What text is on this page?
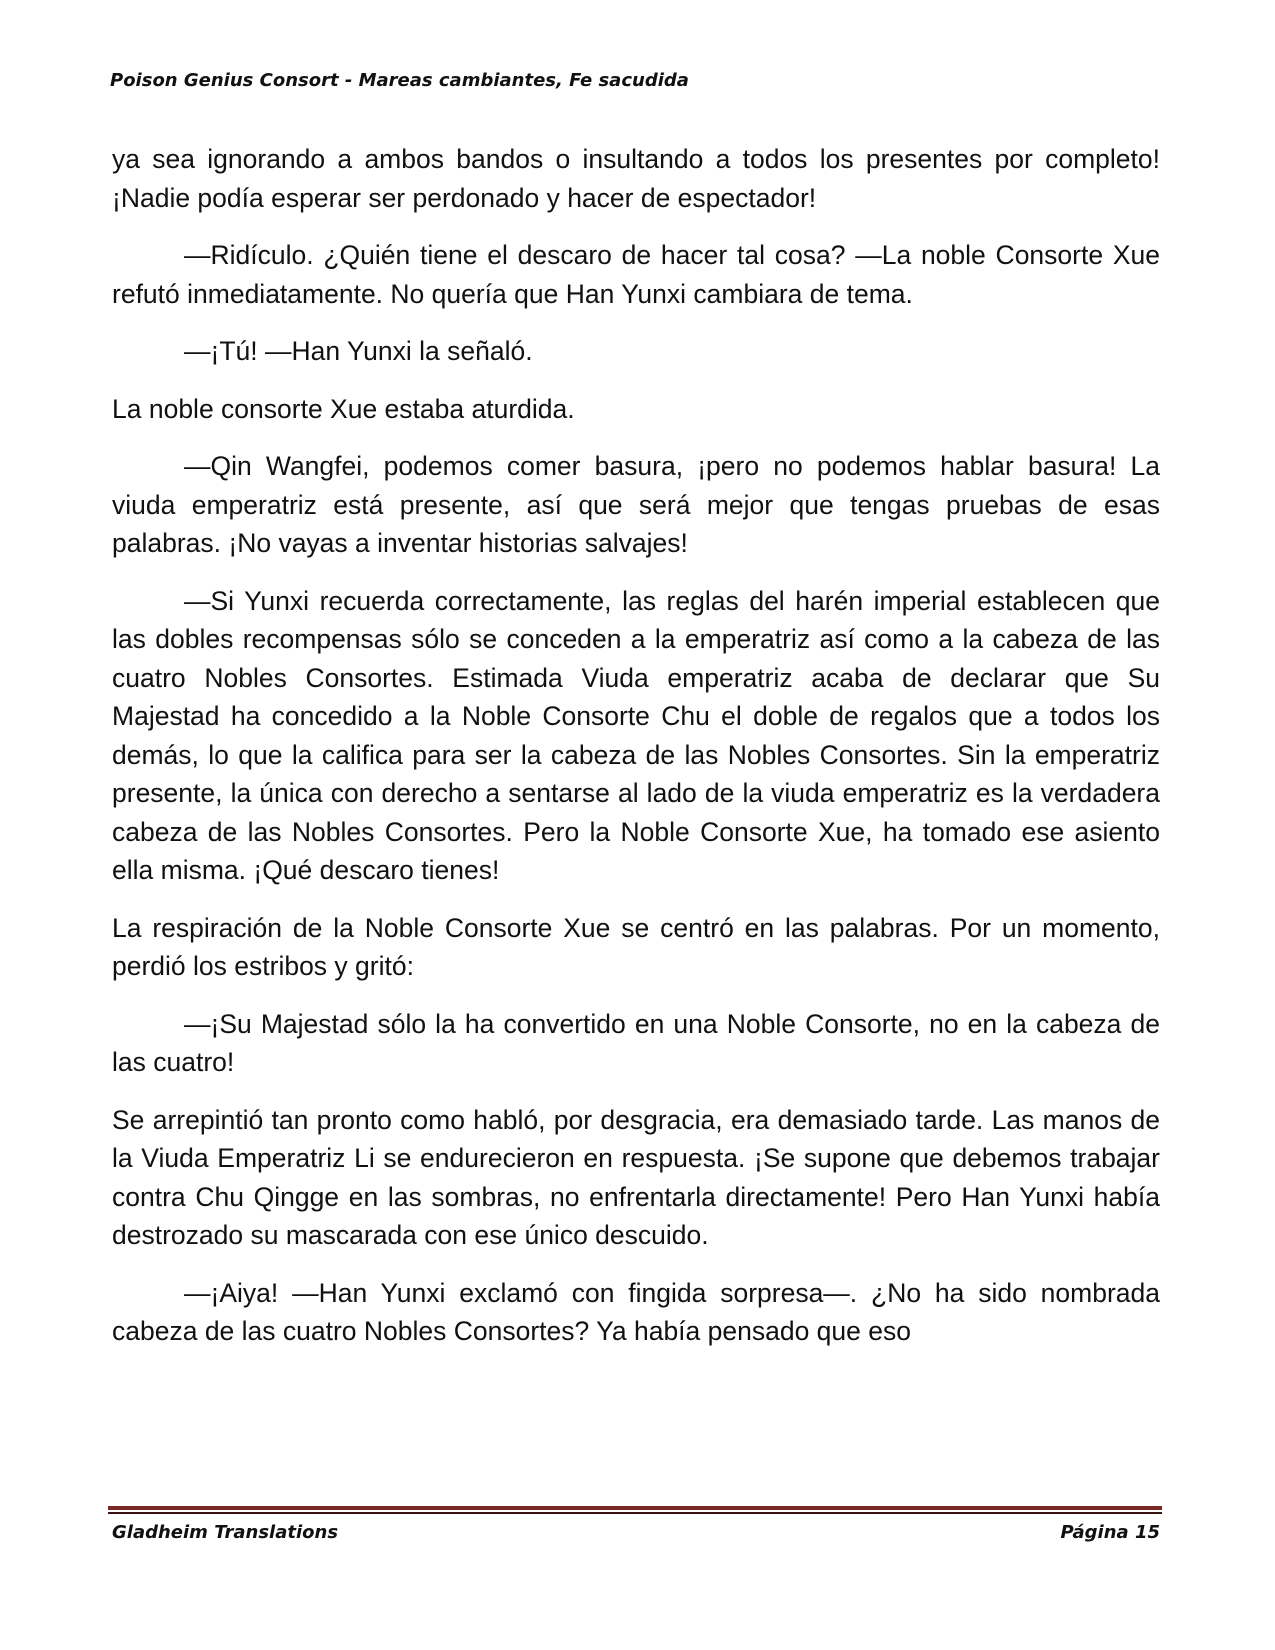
Poison Genius Consort - Mareas cambiantes, Fe sacudida

ya sea ignorando a ambos bandos o insultando a todos los presentes por completo! ¡Nadie podía esperar ser perdonado y hacer de espectador!

—Ridículo. ¿Quién tiene el descaro de hacer tal cosa? —La noble Consorte Xue refutó inmediatamente. No quería que Han Yunxi cambiara de tema.

—¡Tú! —Han Yunxi la señaló.

La noble consorte Xue estaba aturdida.

—Qin Wangfei, podemos comer basura, ¡pero no podemos hablar basura! La viuda emperatriz está presente, así que será mejor que tengas pruebas de esas palabras. ¡No vayas a inventar historias salvajes!

—Si Yunxi recuerda correctamente, las reglas del harén imperial establecen que las dobles recompensas sólo se conceden a la emperatriz así como a la cabeza de las cuatro Nobles Consortes. Estimada Viuda emperatriz acaba de declarar que Su Majestad ha concedido a la Noble Consorte Chu el doble de regalos que a todos los demás, lo que la califica para ser la cabeza de las Nobles Consortes. Sin la emperatriz presente, la única con derecho a sentarse al lado de la viuda emperatriz es la verdadera cabeza de las Nobles Consortes. Pero la Noble Consorte Xue, ha tomado ese asiento ella misma. ¡Qué descaro tienes!

La respiración de la Noble Consorte Xue se centró en las palabras. Por un momento, perdió los estribos y gritó:

—¡Su Majestad sólo la ha convertido en una Noble Consorte, no en la cabeza de las cuatro!

Se arrepintió tan pronto como habló, por desgracia, era demasiado tarde. Las manos de la Viuda Emperatriz Li se endurecieron en respuesta. ¡Se supone que debemos trabajar contra Chu Qingge en las sombras, no enfrentarla directamente! Pero Han Yunxi había destrozado su mascarada con ese único descuido.

—¡Aiya! —Han Yunxi exclamó con fingida sorpresa—. ¿No ha sido nombrada cabeza de las cuatro Nobles Consortes? Ya había pensado que eso

Gladheim Translations	Página 15
